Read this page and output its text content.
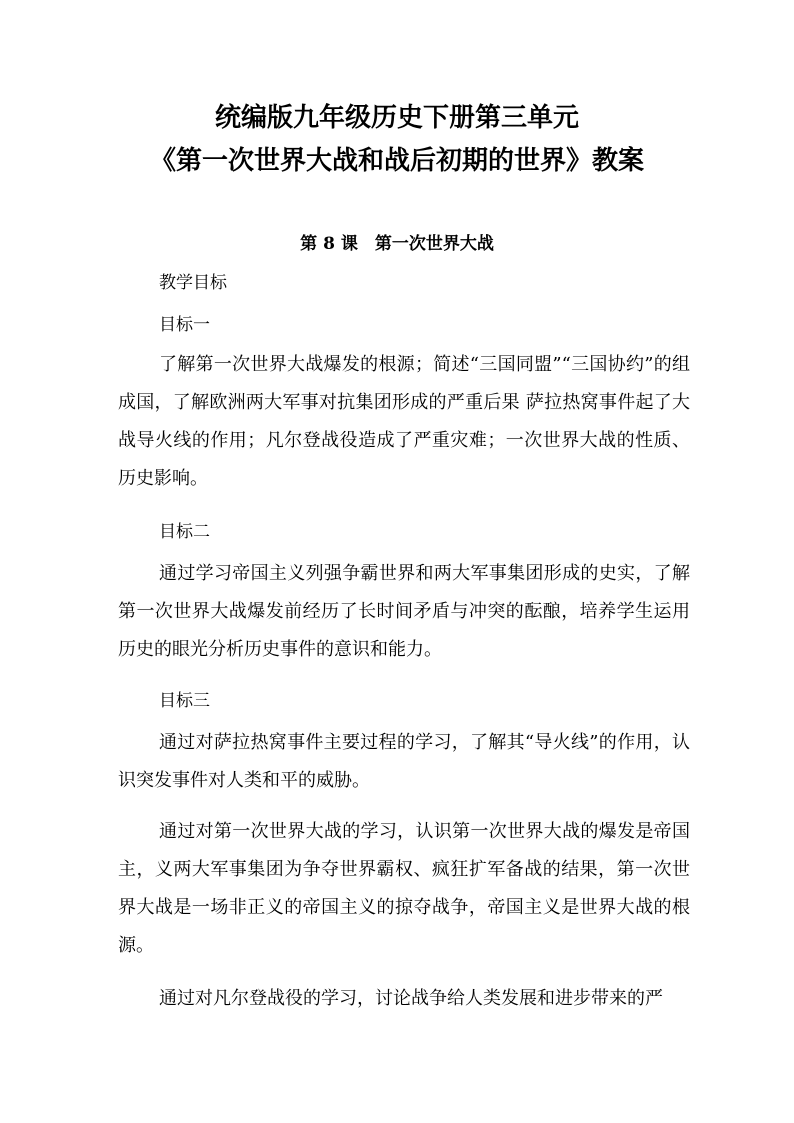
统编版九年级历史下册第三单元
《第一次世界大战和战后初期的世界》教案
第 8 课　第一次世界大战
教学目标
目标一

了解第一次世界大战爆发的根源；简述“三国同盟”“三国协约”的组成国，了解欧洲两大军事对抗集团形成的严重后果 萨拉热窝事件起了大战导火线的作用；凡尔登战役造成了严重灾难；一次世界大战的性质、历史影响。

目标二

通过学习帝国主义列强争霸世界和两大军事集团形成的史实，了解第一次世界大战爆发前经历了长时间矛盾与冲突的酝酿，培养学生运用历史的眼光分析历史事件的意识和能力。

目标三

通过对萨拉热窝事件主要过程的学习，了解其“导火线”的作用，认识突发事件对人类和平的威胁。

通过对第一次世界大战的学习，认识第一次世界大战的爆发是帝国主，义两大军事集团为争夺世界霸权、疯狂扩军备战的结果，第一次世界大战是一场非正义的帝国主义的掠夺战争，帝国主义是世界大战的根源。

通过对凡尔登战役的学习，讨论战争给人类发展和进步带来的严
